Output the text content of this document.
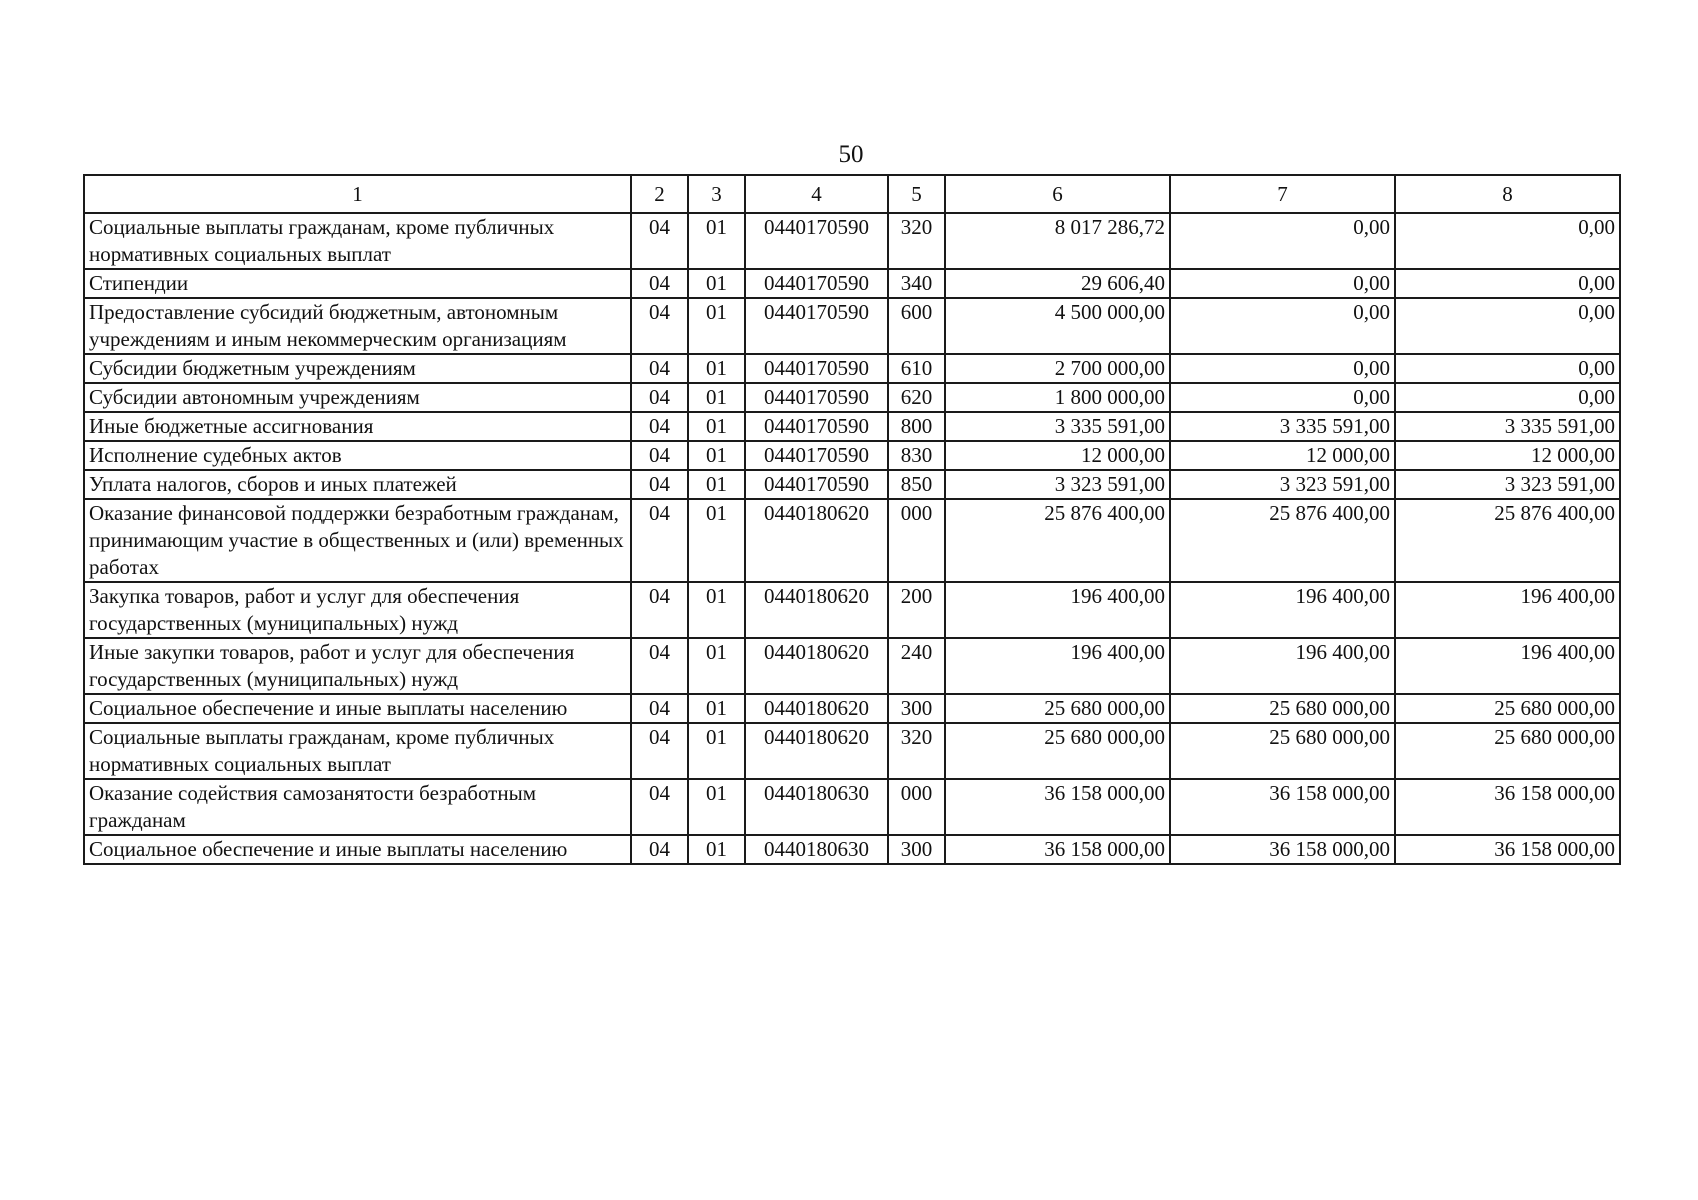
50
1	2	3	4	5	6	7	8
Социальные выплаты гражданам, кроме публичных нормативных социальных выплат	04	01	0440170590	320	8 017 286,72	0,00	0,00
Стипендии	04	01	0440170590	340	29 606,40	0,00	0,00
Предоставление субсидий бюджетным, автономным учреждениям и иным некоммерческим организациям	04	01	0440170590	600	4 500 000,00	0,00	0,00
Субсидии бюджетным учреждениям	04	01	0440170590	610	2 700 000,00	0,00	0,00
Субсидии автономным учреждениям	04	01	0440170590	620	1 800 000,00	0,00	0,00
Иные бюджетные ассигнования	04	01	0440170590	800	3 335 591,00	3 335 591,00	3 335 591,00
Исполнение судебных актов	04	01	0440170590	830	12 000,00	12 000,00	12 000,00
Уплата налогов, сборов и иных платежей	04	01	0440170590	850	3 323 591,00	3 323 591,00	3 323 591,00
Оказание финансовой поддержки безработным гражданам, принимающим участие в общественных и (или) временных работах	04	01	0440180620	000	25 876 400,00	25 876 400,00	25 876 400,00
Закупка товаров, работ и услуг для обеспечения государственных (муниципальных) нужд	04	01	0440180620	200	196 400,00	196 400,00	196 400,00
Иные закупки товаров, работ и услуг для обеспечения государственных (муниципальных) нужд	04	01	0440180620	240	196 400,00	196 400,00	196 400,00
Социальное обеспечение и иные выплаты населению	04	01	0440180620	300	25 680 000,00	25 680 000,00	25 680 000,00
Социальные выплаты гражданам, кроме публичных нормативных социальных выплат	04	01	0440180620	320	25 680 000,00	25 680 000,00	25 680 000,00
Оказание содействия самозанятости безработным гражданам	04	01	0440180630	000	36 158 000,00	36 158 000,00	36 158 000,00
Социальное обеспечение и иные выплаты населению	04	01	0440180630	300	36 158 000,00	36 158 000,00	36 158 000,00
